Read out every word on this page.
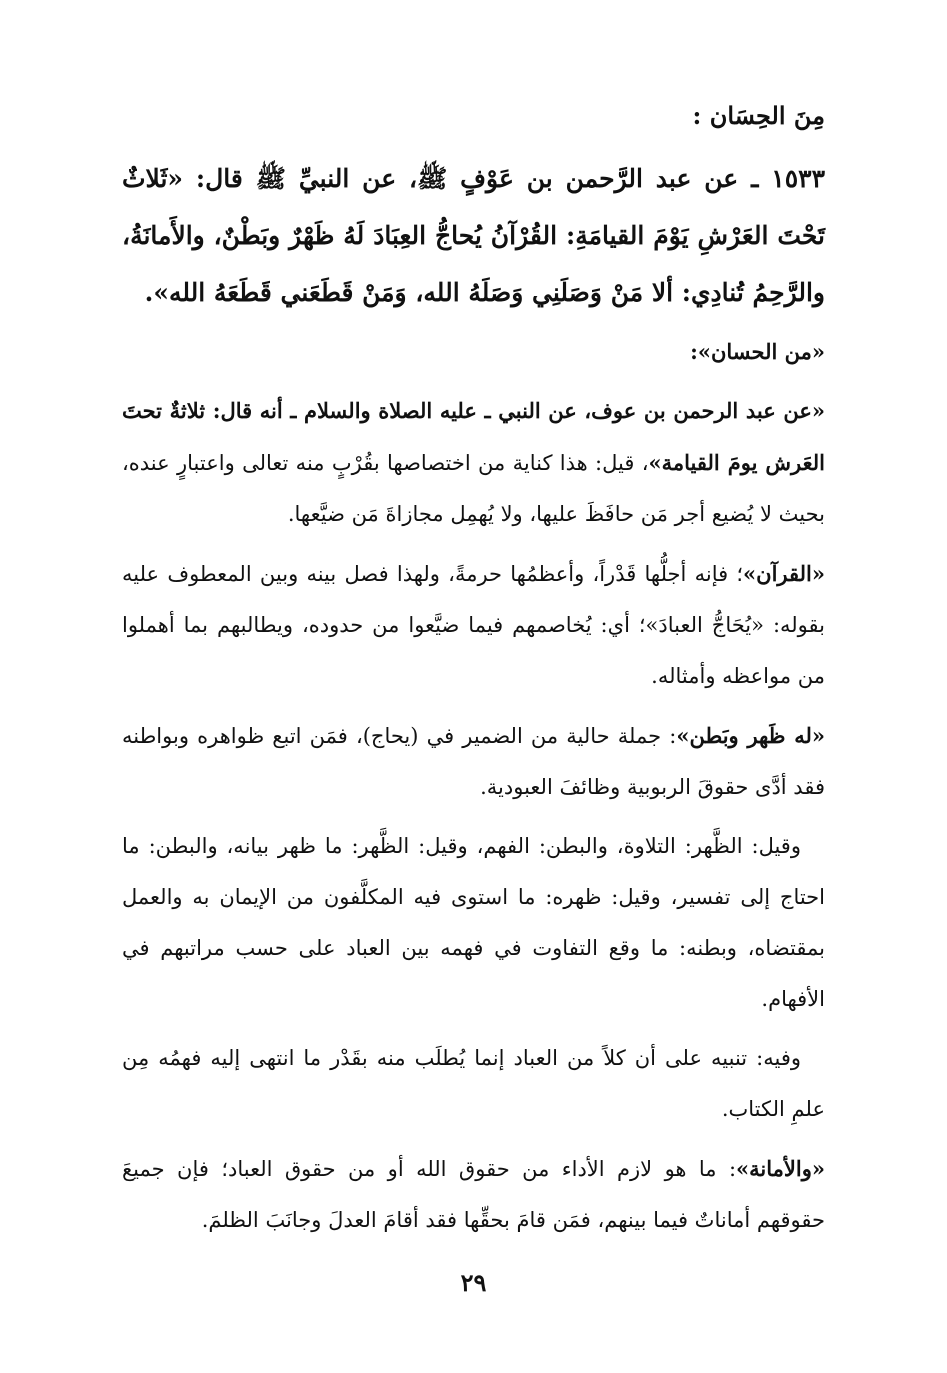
مِنَ الحِسَان :
١٥٣٣ ـ عن عبد الرَّحمن بن عَوْفٍ ﷺ، عن النبيِّ ﷺ قال: «ثَلاثٌ تَحْتَ العَرْشِ يَوْمَ القيامَةِ: القُرْآنُ يُحاجُّ العِبَادَ لَهُ ظَهْرٌ وبَطْنٌ، والأَمانَةُ، والرَّحِمُ تُنادِي: ألا مَنْ وَصَلَنِي وَصَلَهُ الله، وَمَنْ قَطَعَني قَطَعَهُ الله».
«من الحسان»:

«عن عبد الرحمن بن عوف، عن النبي ـ عليه الصلاة والسلام ـ أنه قال: ثلاثةٌ تحتَ العَرش يومَ القيامة»، قيل: هذا كناية من اختصاصها بقُرْبٍ منه تعالى واعتبارٍ عنده، بحيث لا يُضيع أجر مَن حافَظَ عليها، ولا يُهمِل مجازاةَ مَن ضيَّعها.

«القرآن»؛ فإنه أجلُّها قَدْراً، وأعظمُها حرمةً، ولهذا فصل بينه وبين المعطوف عليه بقوله: «يُحَاجُّ العبادَ»؛ أي: يُخاصمهم فيما ضيَّعوا من حدوده، ويطالبهم بما أهملوا من مواعظه وأمثاله.

«له ظَهر وبَطن»: جملة حالية من الضمير في (يحاج)، فمَن اتبع ظواهره وبواطنه فقد أدَّى حقوقَ الربوبية وظائفَ العبودية.

وقيل: الظَّهر: التلاوة، والبطن: الفهم، وقيل: الظَّهر: ما ظهر بيانه، والبطن: ما احتاج إلى تفسير، وقيل: ظهره: ما استوى فيه المكلَّفون من الإيمان به والعمل بمقتضاه، وبطنه: ما وقع التفاوت في فهمه بين العباد على حسب مراتبهم في الأفهام.

وفيه: تنبيه على أن كلاً من العباد إنما يُطلَب منه بقَدْر ما انتهى إليه فهمُه مِن علمِ الكتاب.

«والأمانة»: ما هو لازم الأداء من حقوق الله أو من حقوق العباد؛ فإن جميعَ حقوقهم أماناتٌ فيما بينهم، فمَن قامَ بحقِّها فقد أقامَ العدلَ وجانَبَ الظلمَ.

٢٩
